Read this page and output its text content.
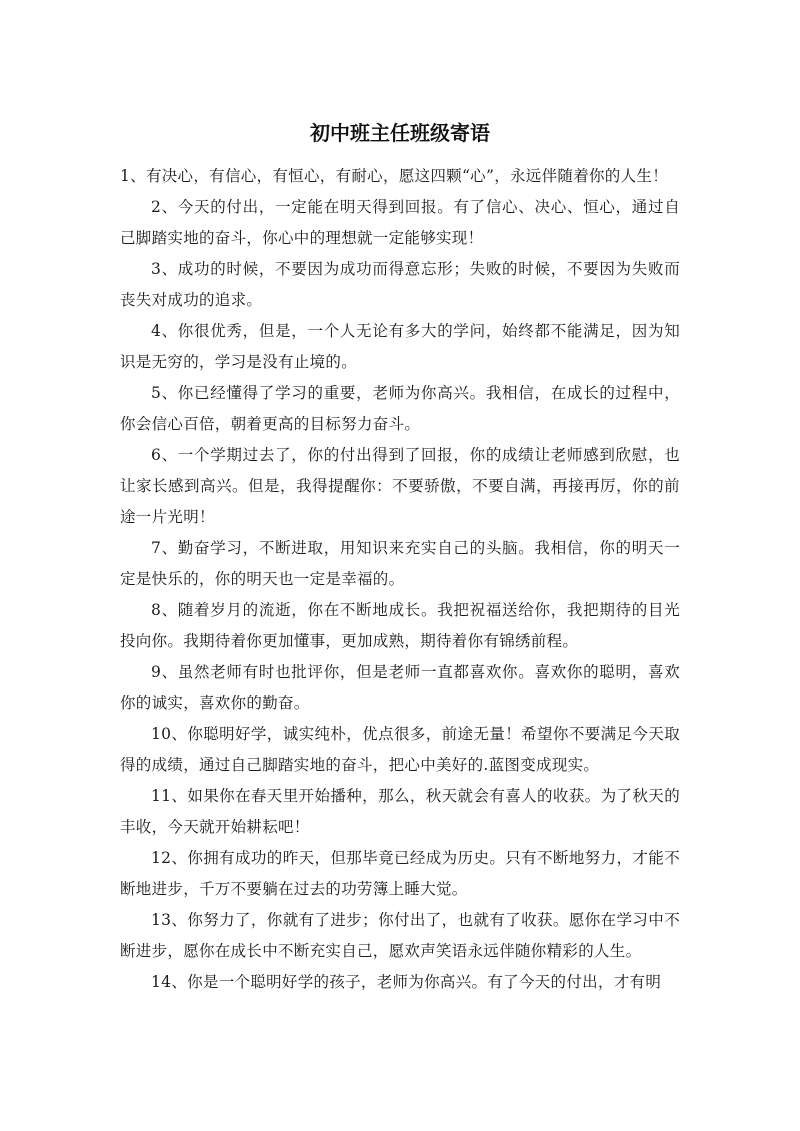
初中班主任班级寄语

1、有决心，有信心，有恒心，有耐心，愿这四颗“心”，永远伴随着你的人生！

2、今天的付出，一定能在明天得到回报。有了信心、决心、恒心，通过自己脚踏实地的奋斗，你心中的理想就一定能够实现！

3、成功的时候，不要因为成功而得意忘形；失败的时候，不要因为失败而丧失对成功的追求。

4、你很优秀，但是，一个人无论有多大的学问，始终都不能满足，因为知识是无穷的，学习是没有止境的。

5、你已经懂得了学习的重要，老师为你高兴。我相信，在成长的过程中，你会信心百倍，朝着更高的目标努力奋斗。

6、一个学期过去了，你的付出得到了回报，你的成绩让老师感到欣慰，也让家长感到高兴。但是，我得提醒你：不要骄傲，不要自满，再接再厉，你的前途一片光明！

7、勤奋学习，不断进取，用知识来充实自己的头脑。我相信，你的明天一定是快乐的，你的明天也一定是幸福的。

8、随着岁月的流逝，你在不断地成长。我把祝福送给你，我把期待的目光投向你。我期待着你更加懂事，更加成熟，期待着你有锦绣前程。

9、虽然老师有时也批评你，但是老师一直都喜欢你。喜欢你的聪明，喜欢你的诚实，喜欢你的勤奋。

10、你聪明好学，诚实纯朴，优点很多，前途无量！希望你不要满足今天取得的成绩，通过自己脚踏实地的奋斗，把心中美好的.蓝图变成现实。

11、如果你在春天里开始播种，那么，秋天就会有喜人的收获。为了秋天的丰收，今天就开始耕耘吧！

12、你拥有成功的昨天，但那毕竟已经成为历史。只有不断地努力，才能不断地进步，千万不要躺在过去的功劳簿上睡大觉。

13、你努力了，你就有了进步；你付出了，也就有了收获。愿你在学习中不断进步，愿你在成长中不断充实自己，愿欢声笑语永远伴随你精彩的人生。

14、你是一个聪明好学的孩子，老师为你高兴。有了今天的付出，才有明
